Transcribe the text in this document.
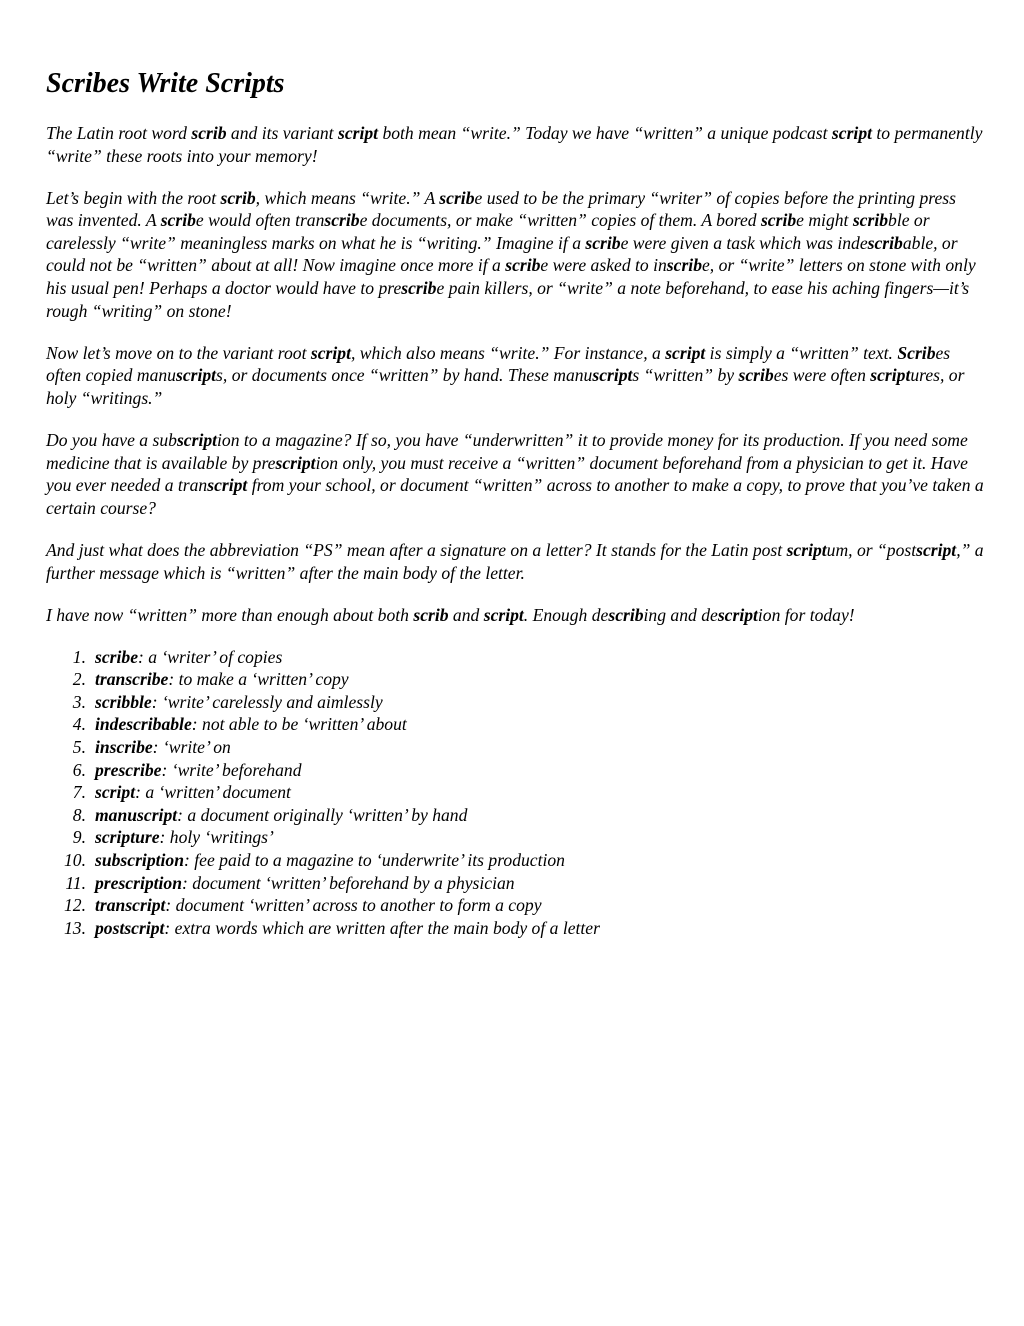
Scribes Write Scripts

The Latin root word scrib and its variant script both mean “write.” Today we have “written” a unique podcast script to permanently “write” these roots into your memory!

Let’s begin with the root scrib, which means “write.” A scribe used to be the primary “writer” of copies before the printing press was invented. A scribe would often transcribe documents, or make “written” copies of them. A bored scribe might scribble or carelessly “write” meaningless marks on what he is “writing.” Imagine if a scribe were given a task which was indescribable, or could not be “written” about at all! Now imagine once more if a scribe were asked to inscribe, or “write” letters on stone with only his usual pen! Perhaps a doctor would have to prescribe pain killers, or “write” a note beforehand, to ease his aching fingers—it’s rough “writing” on stone!

Now let’s move on to the variant root script, which also means “write.” For instance, a script is simply a “written” text. Scribes often copied manuscripts, or documents once “written” by hand. These manuscripts “written” by scribes were often scriptures, or holy “writings.”

Do you have a subscription to a magazine? If so, you have “underwritten” it to provide money for its production. If you need some medicine that is available by prescription only, you must receive a “written” document beforehand from a physician to get it. Have you ever needed a transcript from your school, or document “written” across to another to make a copy, to prove that you’ve taken a certain course?

And just what does the abbreviation “PS” mean after a signature on a letter? It stands for the Latin post scriptum, or “postscript,” a further message which is “written” after the main body of the letter.

I have now “written” more than enough about both scrib and script. Enough describing and description for today!

1. scribe: a ‘writer’ of copies
2. transcribe: to make a ‘written’ copy
3. scribble: ‘write’ carelessly and aimlessly
4. indescribable: not able to be ‘written’ about
5. inscribe: ‘write’ on
6. prescribe: ‘write’ beforehand
7. script: a ‘written’ document
8. manuscript: a document originally ‘written’ by hand
9. scripture: holy ‘writings’
10. subscription: fee paid to a magazine to ‘underwrite’ its production
11. prescription: document ‘written’ beforehand by a physician
12. transcript: document ‘written’ across to another to form a copy
13. postscript: extra words which are written after the main body of a letter
